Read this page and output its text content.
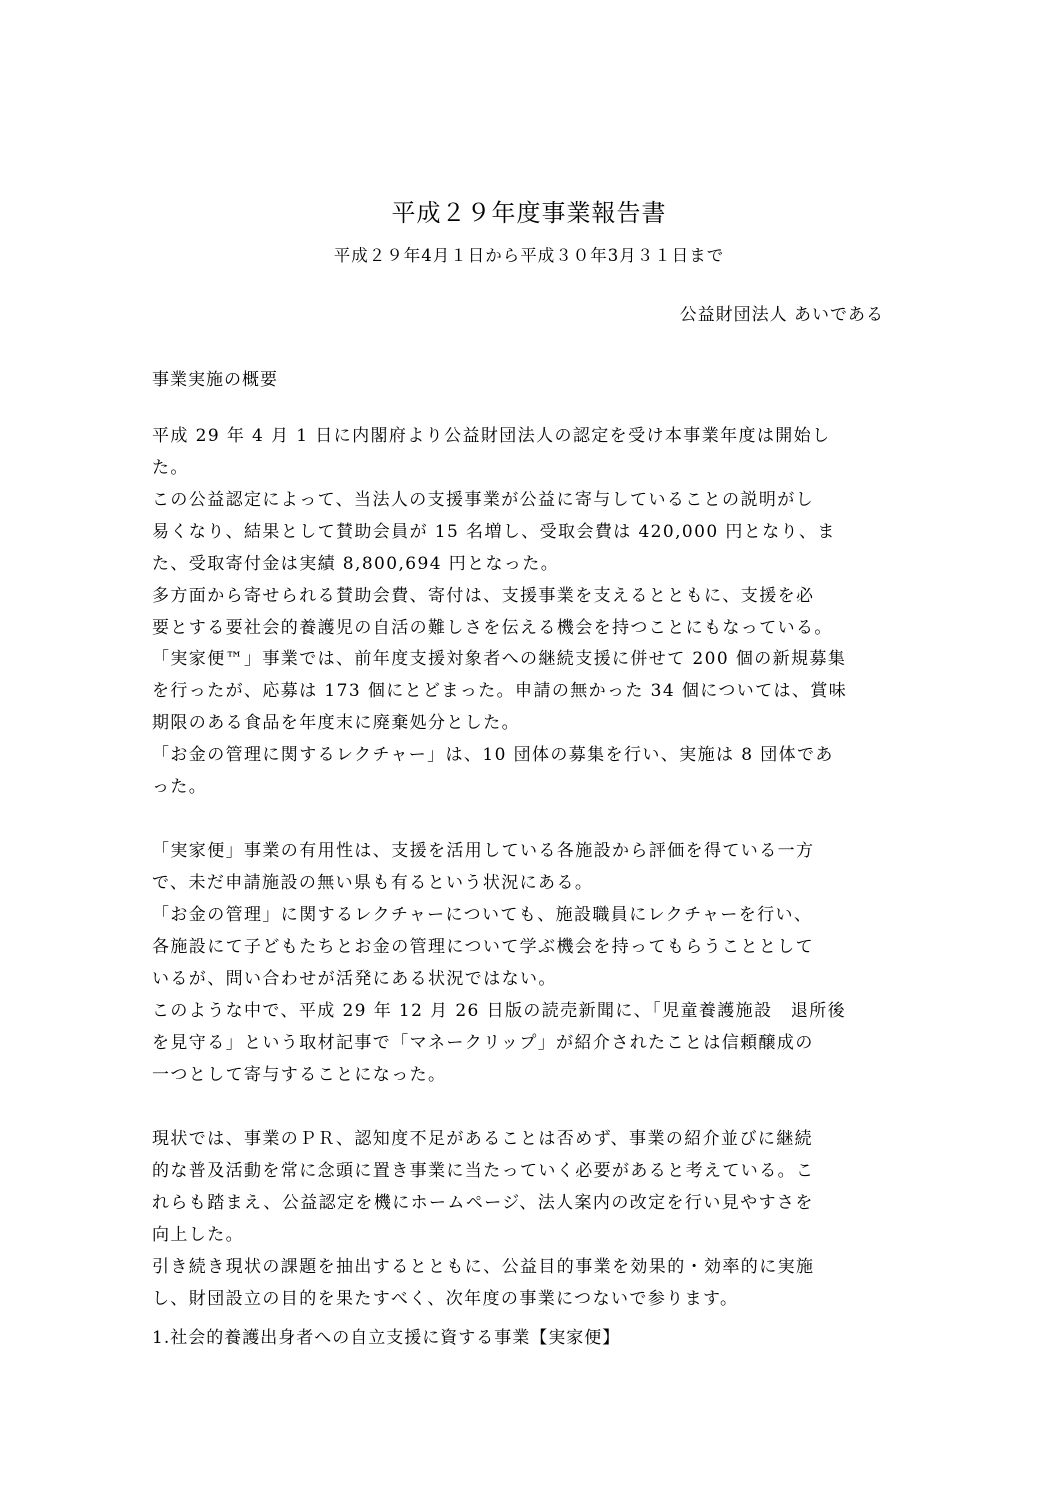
平成２９年度事業報告書
平成２９年4月１日から平成３０年3月３１日まで
公益財団法人 あいである
事業実施の概要
平成 29 年 4 月 1 日に内閣府より公益財団法人の認定を受け本事業年度は開始し
た。
この公益認定によって、当法人の支援事業が公益に寄与していることの説明がし
易くなり、結果として賛助会員が 15 名増し、受取会費は 420,000 円となり、ま
た、受取寄付金は実績 8,800,694 円となった。
多方面から寄せられる賛助会費、寄付は、支援事業を支えるとともに、支援を必
要とする要社会的養護児の自活の難しさを伝える機会を持つことにもなっている。
「実家便™」事業では、前年度支援対象者への継続支援に併せて 200 個の新規募集
を行ったが、応募は 173 個にとどまった。申請の無かった 34 個については、賞味
期限のある食品を年度末に廃棄処分とした。
「お金の管理に関するレクチャー」は、10 団体の募集を行い、実施は 8 団体であ
った。
「実家便」事業の有用性は、支援を活用している各施設から評価を得ている一方
で、未だ申請施設の無い県も有るという状況にある。
「お金の管理」に関するレクチャーについても、施設職員にレクチャーを行い、
各施設にて子どもたちとお金の管理について学ぶ機会を持ってもらうこととして
いるが、問い合わせが活発にある状況ではない。
このような中で、平成 29 年 12 月 26 日版の読売新聞に、「児童養護施設　退所後
を見守る」という取材記事で「マネークリップ」が紹介されたことは信頼醸成の
一つとして寄与することになった。
現状では、事業のＰＲ、認知度不足があることは否めず、事業の紹介並びに継続
的な普及活動を常に念頭に置き事業に当たっていく必要があると考えている。こ
れらも踏まえ、公益認定を機にホームページ、法人案内の改定を行い見やすさを
向上した。
引き続き現状の課題を抽出するとともに、公益目的事業を効果的・効率的に実施
し、財団設立の目的を果たすべく、次年度の事業につないで参ります。
1.社会的養護出身者への自立支援に資する事業【実家便】
